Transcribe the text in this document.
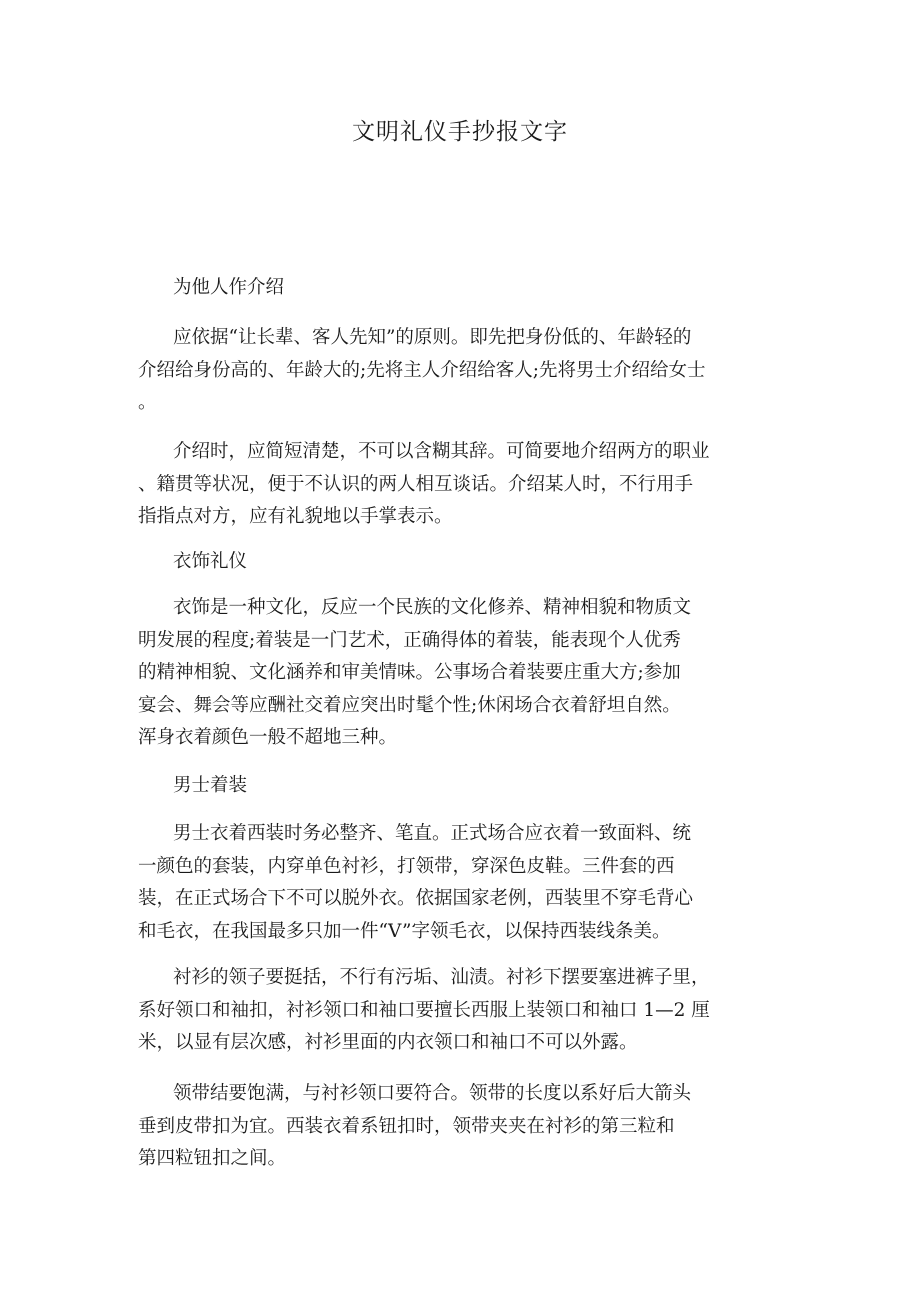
文明礼仪手抄报文字
为他人作介绍
应依据“让长辈、客人先知”的原则。即先把身份低的、年龄轻的
介绍给身份高的、年龄大的;先将主人介绍给客人;先将男士介绍给女士
。
介绍时，应简短清楚，不可以含糊其辞。可简要地介绍两方的职业
、籍贯等状况，便于不认识的两人相互谈话。介绍某人时，不行用手
指指点对方，应有礼貌地以手掌表示。
衣饰礼仪
衣饰是一种文化，反应一个民族的文化修养、精神相貌和物质文
明发展的程度;着装是一门艺术，正确得体的着装，能表现个人优秀
的精神相貌、文化涵养和审美情味。公事场合着装要庄重大方;参加
宴会、舞会等应酬社交着应突出时髦个性;休闲场合衣着舒坦自然。
浑身衣着颜色一般不超地三种。
男士着装
男士衣着西装时务必整齐、笔直。正式场合应衣着一致面料、统
一颜色的套装，内穿单色衬衫，打领带，穿深色皮鞋。三件套的西
装，在正式场合下不可以脱外衣。依据国家老例，西装里不穿毛背心
和毛衣，在我国最多只加一件“V”字领毛衣，以保持西装线条美。
衬衫的领子要挺括，不行有污垢、汕渍。衬衫下摆要塞进裤子里，
系好领口和袖扣，衬衫领口和袖口要擅长西服上装领口和袖口 1—2 厘
米，以显有层次感，衬衫里面的内衣领口和袖口不可以外露。
领带结要饱满，与衬衫领口要符合。领带的长度以系好后大箭头
垂到皮带扣为宜。西装衣着系钮扣时，领带夹夹在衬衫的第三粒和
第四粒钮扣之间。
